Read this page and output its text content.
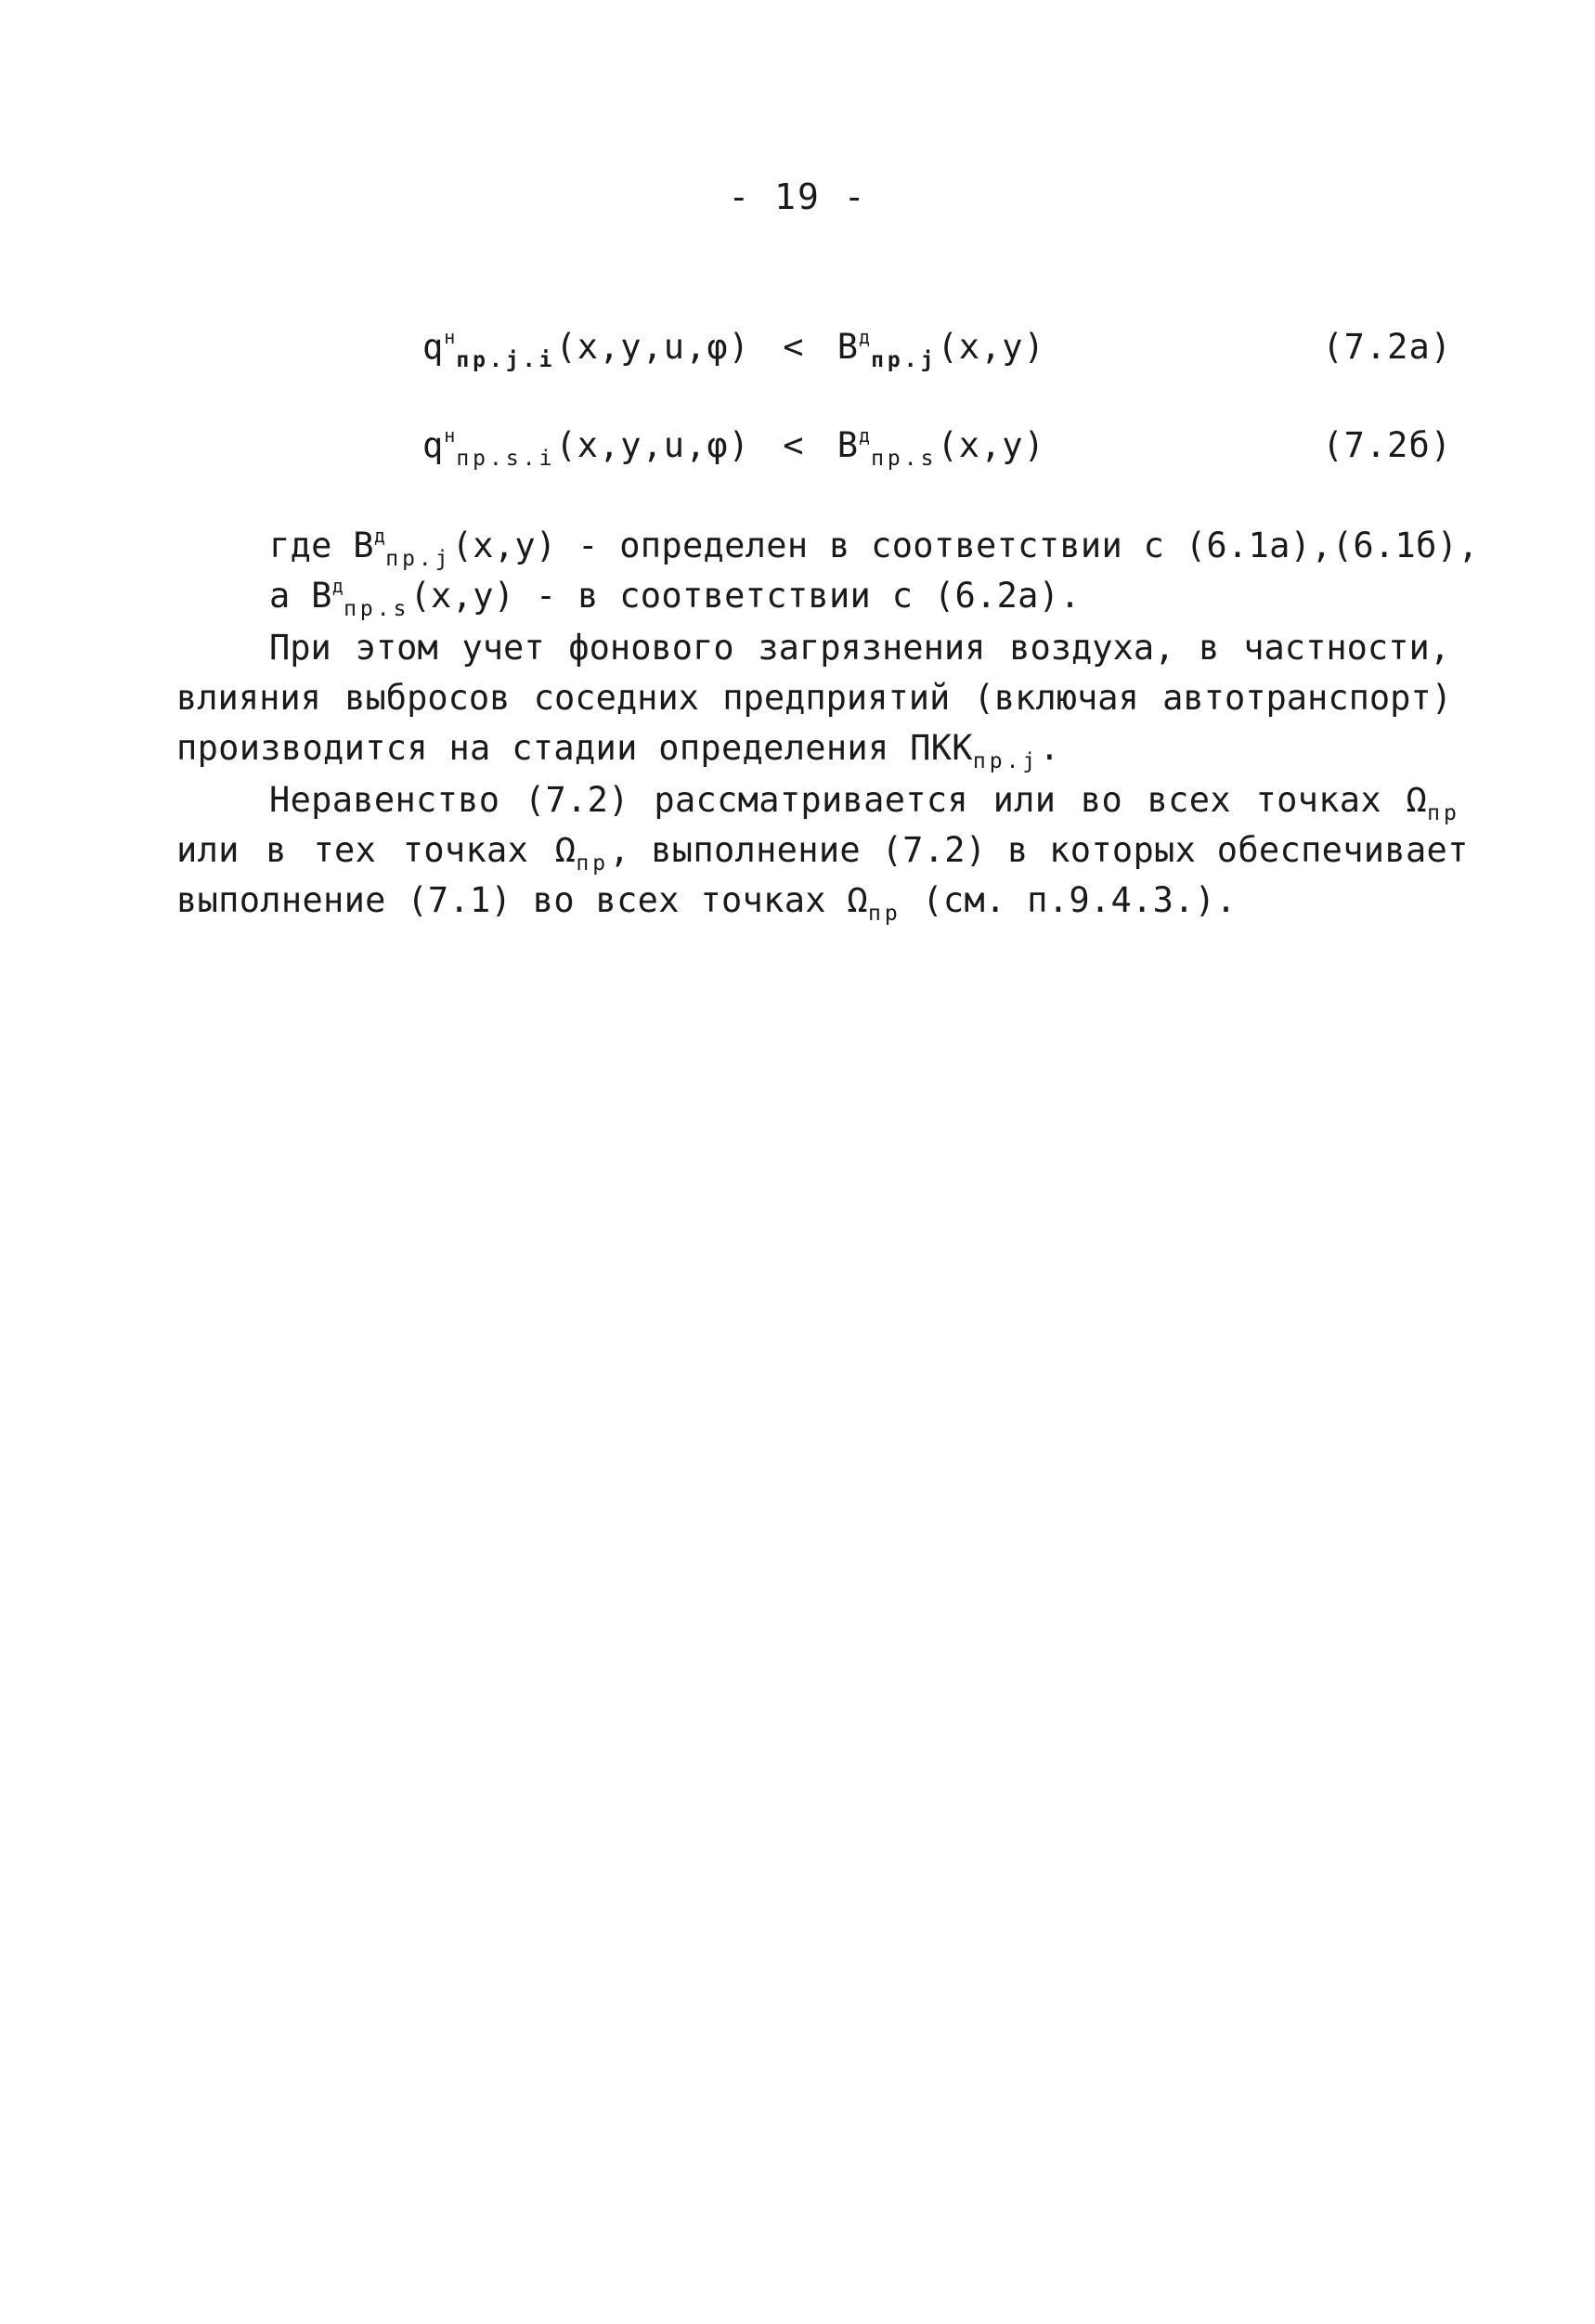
- 19 -
$q^н_{пр.j.i}(x,y,u,\varphi) < В^д_{пр.j}(x,y)$	(7.2а)
$q^н_{пр.s.i}(x,y,u,\varphi) < В^д_{пр.s}(x,y)$	(7.2б)
где $В^д_{пр.j}(x,y)$ - определен в соответствии с (6.1а),(6.1б),
а $В^д_{пр.s}(x,y)$ - в соответствии с (6.2а).
При этом учет фонового загрязнения воздуха, в частности,
влияния выбросов соседних предприятий (включая автотранспорт)
производится на стадии определения $ПКК_{пр.j}$.
Неравенство (7.2) рассматривается или во всех точках $\Omega_{пр}$
или в тех точках $\Omega_{пр}$, выполнение (7.2) в которых обеспечивает
выполнение (7.1) во всех точках $\Omega_{пр}$ (см. п.9.4.3.).
